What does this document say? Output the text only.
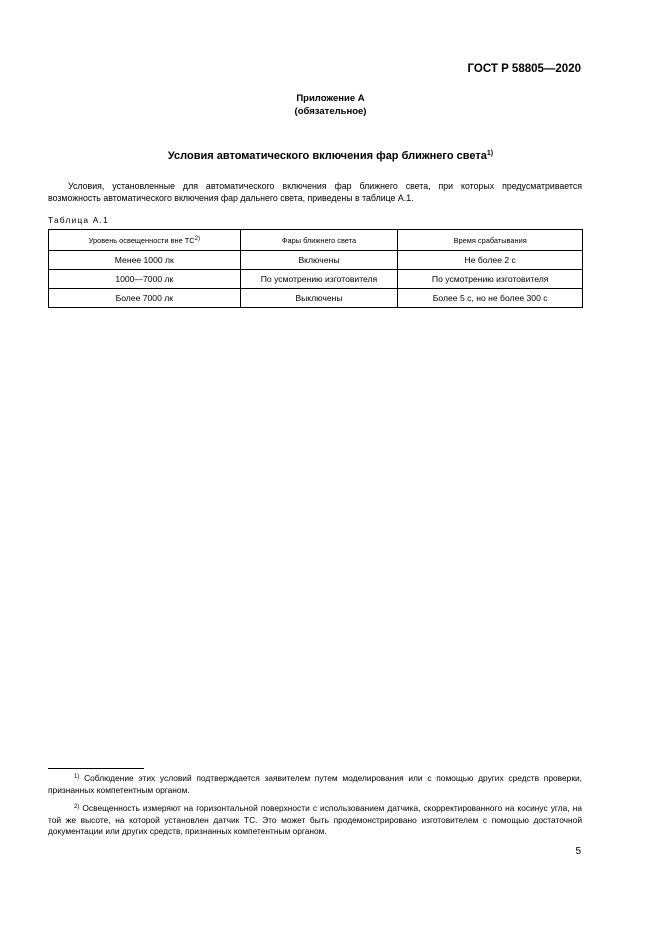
ГОСТ Р 58805—2020
Приложение А
(обязательное)
Условия автоматического включения фар ближнего света$^{1)}$
Условия, установленные для автоматического включения фар ближнего света, при которых предусматривается возможность автоматического включения фар дальнего света, приведены в таблице А.1.
Таблица А.1
Уровень освещенности вне ТС$^{2)}$	Фары ближнего света	Время срабатывания
Менее 1000 лк	Включены	Не более 2 с
1000—7000 лк	По усмотрению изготовителя	По усмотрению изготовителя
Более 7000 лк	Выключены	Более 5 с, но не более 300 с
$^{1)}$ Соблюдение этих условий подтверждается заявителем путем моделирования или с помощью других средств проверки, признанных компетентным органом.
$^{2)}$ Освещенность измеряют на горизонтальной поверхности с использованием датчика, скорректированного на косинус угла, на той же высоте, на которой установлен датчик ТС. Это может быть продемонстрировано изготовителем с помощью достаточной документации или других средств, признанных компетентным органом.
5
